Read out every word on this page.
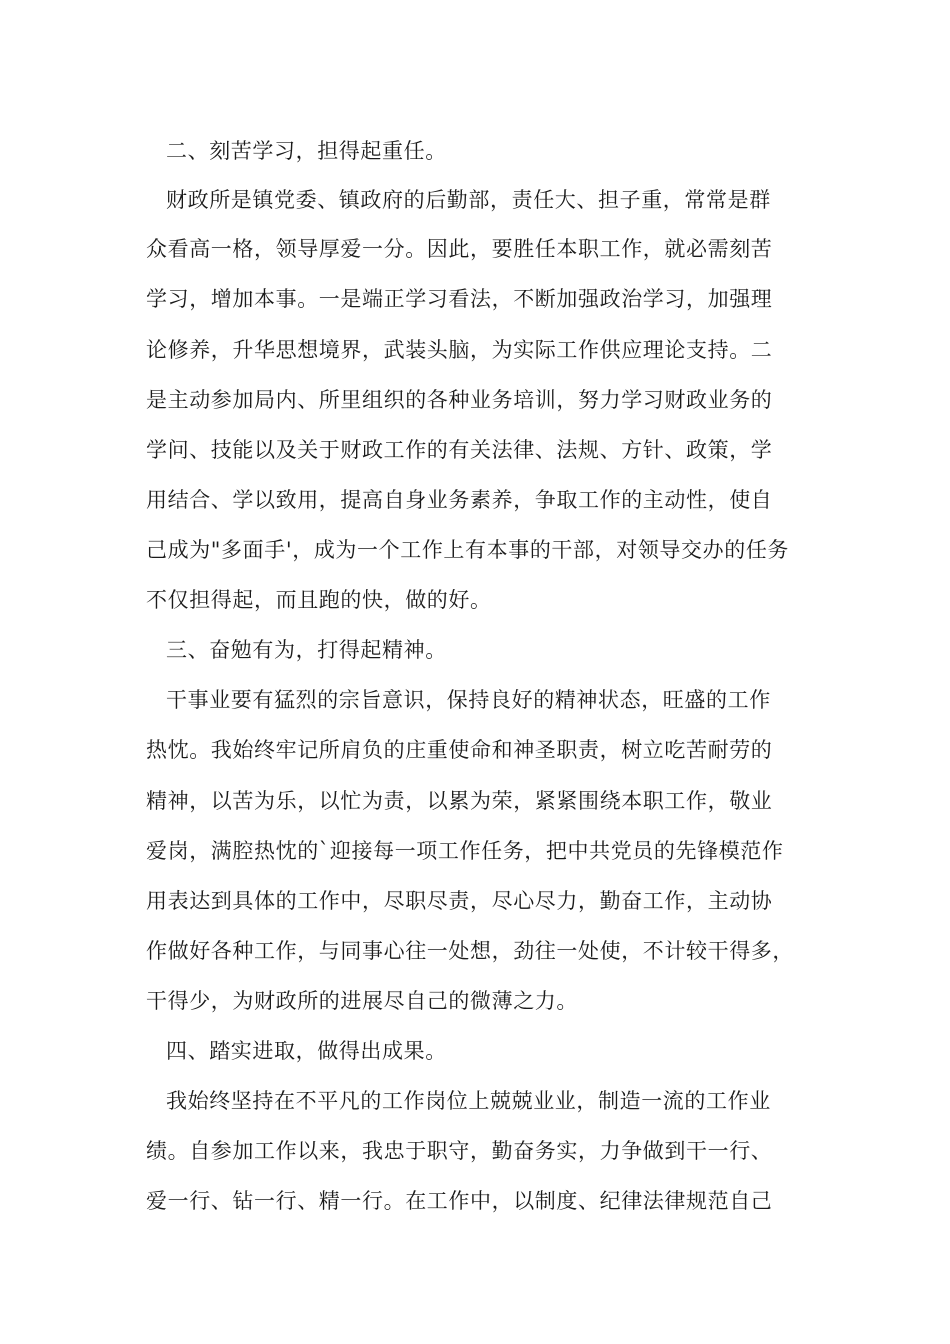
二、刻苦学习，担得起重任。

财政所是镇党委、镇政府的后勤部，责任大、担子重，常常是群

众看高一格，领导厚爱一分。因此，要胜任本职工作，就必需刻苦

学习，增加本事。一是端正学习看法，不断加强政治学习，加强理

论修养，升华思想境界，武装头脑，为实际工作供应理论支持。二

是主动参加局内、所里组织的各种业务培训，努力学习财政业务的

学问、技能以及关于财政工作的有关法律、法规、方针、政策，学

用结合、学以致用，提高自身业务素养，争取工作的主动性，使自

己成为"多面手'，成为一个工作上有本事的干部，对领导交办的任务

不仅担得起，而且跑的快，做的好。

三、奋勉有为，打得起精神。

干事业要有猛烈的宗旨意识，保持良好的精神状态，旺盛的工作

热忱。我始终牢记所肩负的庄重使命和神圣职责，树立吃苦耐劳的

精神，以苦为乐，以忙为责，以累为荣，紧紧围绕本职工作，敬业

爱岗，满腔热忱的`迎接每一项工作任务，把中共党员的先锋模范作

用表达到具体的工作中，尽职尽责，尽心尽力，勤奋工作，主动协

作做好各种工作，与同事心往一处想，劲往一处使，不计较干得多，

干得少，为财政所的进展尽自己的微薄之力。

四、踏实进取，做得出成果。

我始终坚持在不平凡的工作岗位上兢兢业业，制造一流的工作业

绩。自参加工作以来，我忠于职守，勤奋务实，力争做到干一行、

爱一行、钻一行、精一行。在工作中，以制度、纪律法律规范自己
